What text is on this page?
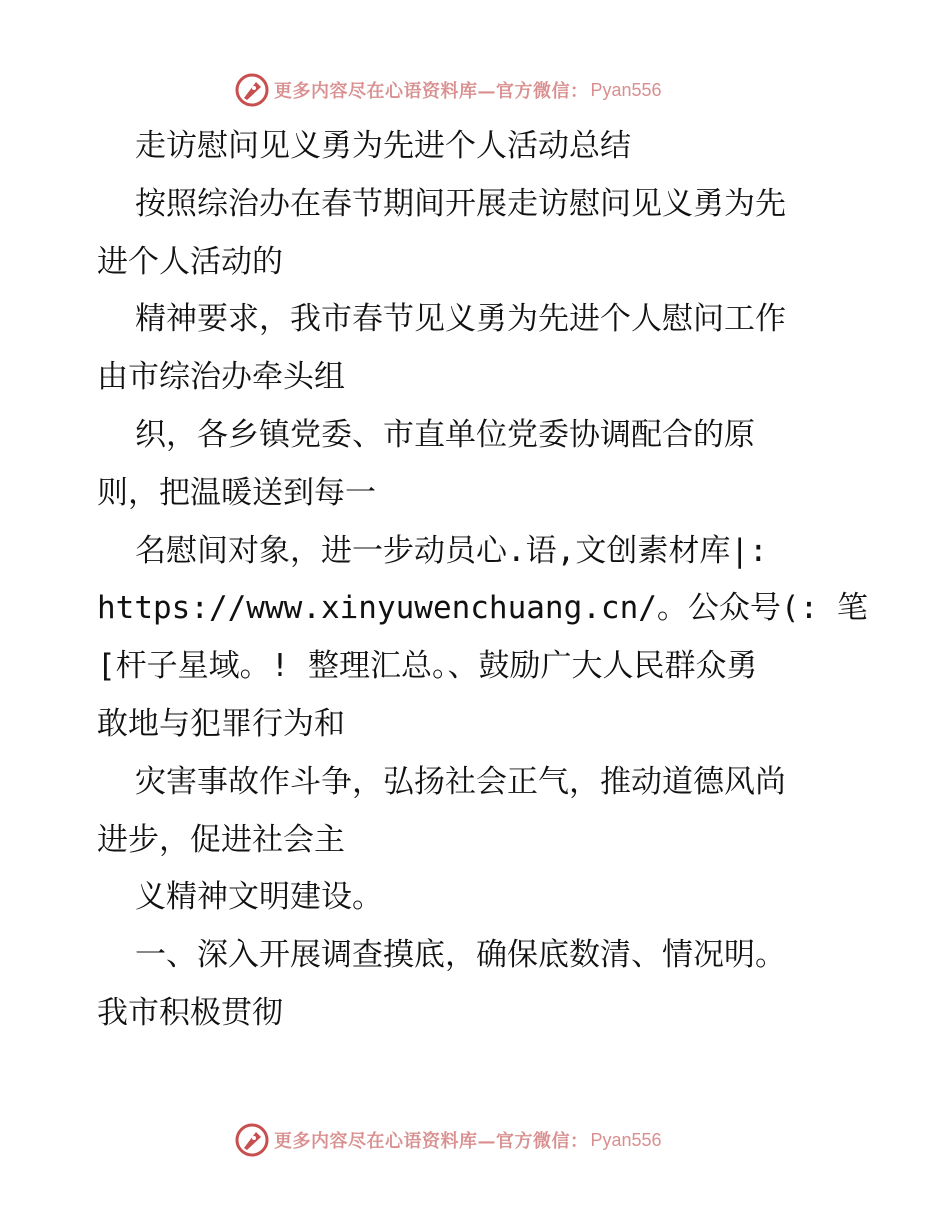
更多内容尽在心语资料库—官方微信： Pyan556
走访慰问见义勇为先进个人活动总结
按照综治办在春节期间开展走访慰问见义勇为先
进个人活动的
精神要求，我市春节见义勇为先进个人慰问工作
由市综治办牵头组
织，各乡镇党委、市直单位党委协调配合的原
则，把温暖送到每一
名慰间对象，进一步动员心.语,文创素材库|:
https://www.xinyuwenchuang.cn/。公众号(: 笔
[杆子星域。! 整理汇总。、鼓励广大人民群众勇
敢地与犯罪行为和
灾害事故作斗争，弘扬社会正气，推动道德风尚
进步，促进社会主
义精神文明建设。
一、深入开展调查摸底，确保底数清、情况明。
我市积极贯彻
更多内容尽在心语资料库—官方微信： Pyan556
